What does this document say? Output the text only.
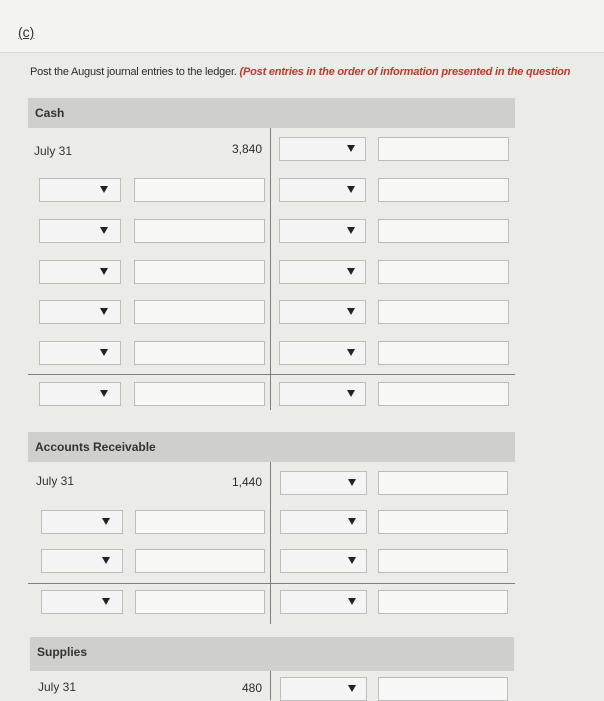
(c)
Post the August journal entries to the ledger. (Post entries in the order of information presented in the question
Cash
July 31	3,840
Accounts Receivable
July 31	1,440
Supplies
July 31	480
